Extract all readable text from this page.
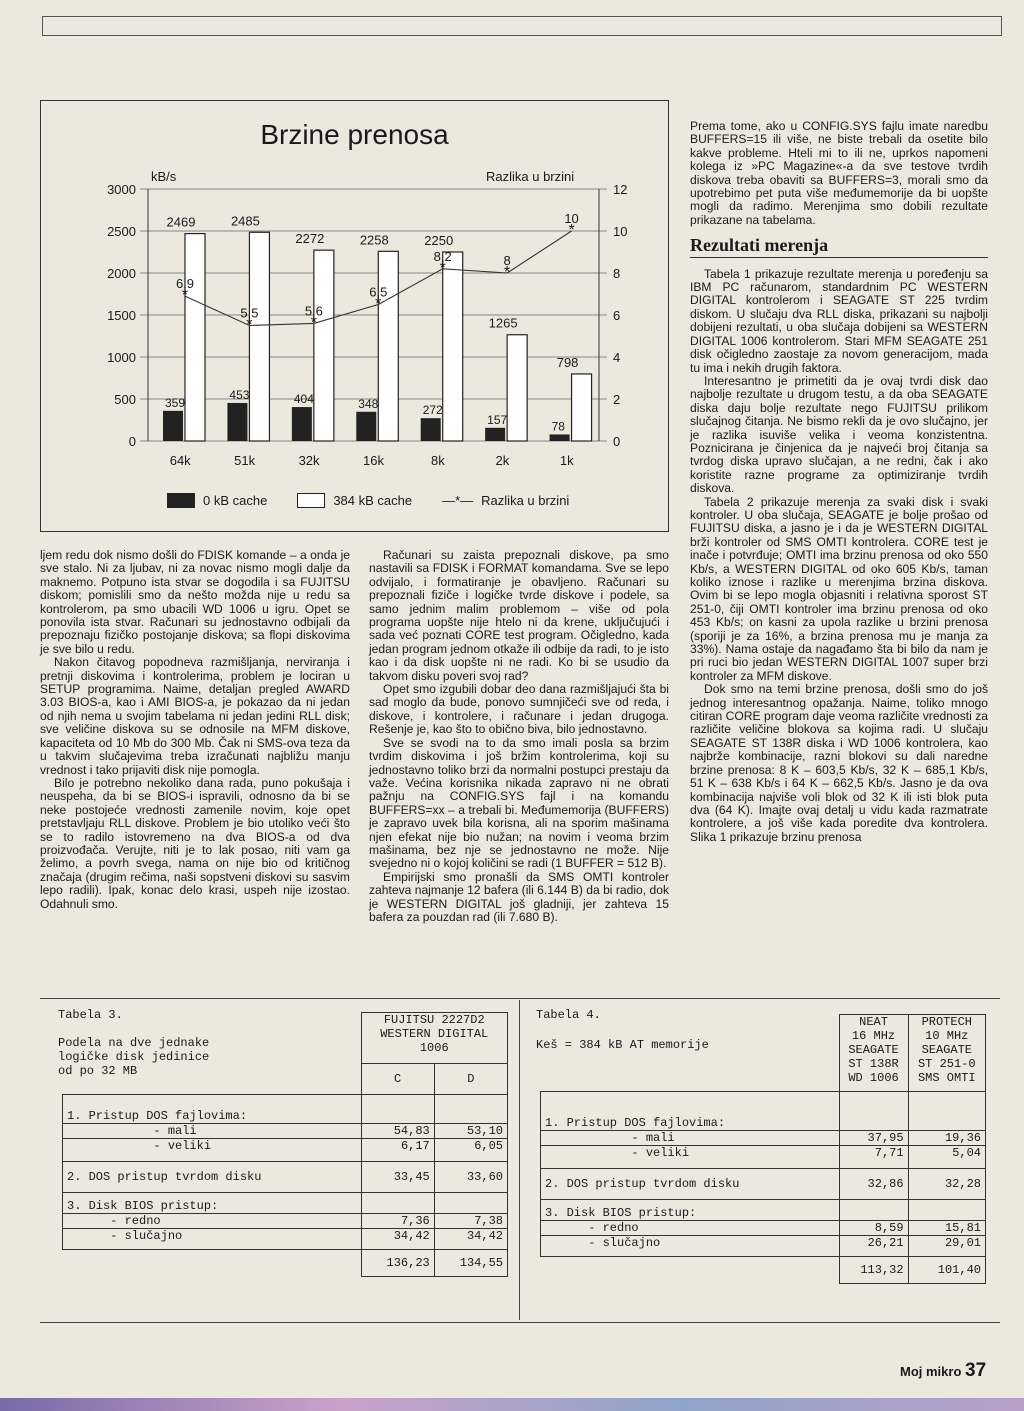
Brzine prenosa
kB/s	Razlika u brzini
0
500
1000
1500
2000
2500
3000
0
2
4
6
8
10
12
359
2469
64k
453
2485
51k
404
2272
32k
348
2258
16k
272
2250
8k
157
1265
2k
78
798
1k
*
6,9
*
5,5
*
5,6	*
6,5
*
8,2
*
8
*
10
0 kB cache	384 kB cache —*— Razlika u brzini

ljem redu dok nismo došli do FDISK komande – a onda je sve stalo. Ni za ljubav, ni za novac nismo mogli dalje da maknemo. Potpuno ista stvar se dogodila i sa FUJITSU diskom; pomislili smo da nešto možda nije u redu sa kontrolerom, pa smo ubacili WD 1006 u igru. Opet se ponovila ista stvar. Računari su jednostavno odbijali da prepoznaju fizičko postojanje diskova; sa flopi diskovima je sve bilo u redu.

Nakon čitavog popodneva razmišljanja, nerviranja i pretnji diskovima i kontrolerima, problem je lociran u SETUP programima. Naime, detaljan pregled AWARD 3.03 BIOS-a, kao i AMI BIOS-a, je pokazao da ni jedan od njih nema u svojim tabelama ni jedan jedini RLL disk; sve veličine diskova su se odnosile na MFM diskove, kapaciteta od 10 Mb do 300 Mb. Čak ni SMS-ova teza da u takvim slučajevima treba izračunati najbližu manju vrednost i tako prijaviti disk nije pomogla.

Bilo je potrebno nekoliko dana rada, puno pokušaja i neuspeha, da bi se BIOS-i ispravili, odnosno da bi se neke postojeće vrednosti zamenile novim, koje opet pretstavljaju RLL diskove. Problem je bio utoliko veći što se to radilo istovremeno na dva BIOS-a od dva proizvođača. Verujte, niti je to lak posao, niti vam ga želimo, a povrh svega, nama on nije bio od kritičnog značaja (drugim rečima, naši sopstveni diskovi su sasvim lepo radili). Ipak, konac delo krasi, uspeh nije izostao. Odahnuli smo.

Računari su zaista prepoznali diskove, pa smo nastavili sa FDISK i FORMAT komandama. Sve se lepo odvijalo, i formatiranje je obavljeno. Računari su prepoznali fiziče i logičke tvrde diskove i podele, sa samo jednim malim problemom – više od pola programa uopšte nije htelo ni da krene, uključujući i sada već poznati CORE test program. Očigledno, kada jedan program jednom otkaže ili odbije da radi, to je isto kao i da disk uopšte ni ne radi. Ko bi se usudio da takvom disku poveri svoj rad?

Opet smo izgubili dobar deo dana razmišljajući šta bi sad moglo da bude, ponovo sumnjičeći sve od reda, i diskove, i kontrolere, i računare i jedan drugoga. Rešenje je, kao što to obično biva, bilo jednostavno.

Sve se svodi na to da smo imali posla sa brzim tvrdim diskovima i još bržim kontrolerima, koji su jednostavno toliko brzi da normalni postupci prestaju da važe. Većina korisnika nikada zapravo ni ne obrati pažnju na CONFIG.SYS fajl i na komandu BUFFERS=xx – a trebali bi. Međumemorija (BUFFERS) je zapravo uvek bila korisna, ali na sporim mašinama njen efekat nije bio nužan; na novim i veoma brzim mašinama, bez nje se jednostavno ne može. Nije svejedno ni o kojoj količini se radi (1 BUFFER = 512 B).

Empirijski smo pronašli da SMS OMTI kontroler zahteva najmanje 12 bafera (ili 6.144 B) da bi radio, dok je WESTERN DIGITAL još gladniji, jer zahteva 15 bafera za pouzdan rad (ili 7.680 B).

Prema tome, ako u CONFIG.SYS fajlu imate naredbu BUFFERS=15 ili više, ne biste trebali da osetite bilo kakve probleme. Hteli mi to ili ne, uprkos napomeni kolega iz »PC Magazine«-a da sve testove tvrdih diskova treba obaviti sa BUFFERS=3, morali smo da upotrebimo pet puta više međumemorije da bi uopšte mogli da radimo. Merenjima smo dobili rezultate prikazane na tabelama.

Rezultati merenja

Tabela 1 prikazuje rezultate merenja u poređenju sa IBM PC računarom, standardnim PC WESTERN DIGITAL kontrolerom i SEAGATE ST 225 tvrdim diskom. U slučaju dva RLL diska, prikazani su najbolji dobijeni rezultati, u oba slučaja dobijeni sa WESTERN DIGITAL 1006 kontrolerom. Stari MFM SEAGATE 251 disk očigledno zaostaje za novom generacijom, mada tu ima i nekih drugih faktora.

Interesantno je primetiti da je ovaj tvrdi disk dao najbolje rezultate u drugom testu, a da oba SEAGATE diska daju bolje rezultate nego FUJITSU prilikom slučajnog čitanja. Ne bismo rekli da je ovo slučajno, jer je razlika isuviše velika i veoma konzistentna. Poznicirana je činjenica da je najveći broj čitanja sa tvrdog diska upravo slučajan, a ne redni, čak i ako koristite razne programe za optimiziranje tvrdih diskova.

Tabela 2 prikazuje merenja za svaki disk i svaki kontroler. U oba slučaja, SEAGATE je bolje prošao od FUJITSU diska, a jasno je i da je WESTERN DIGITAL brži kontroler od SMS OMTI kontrolera. CORE test je inače i potvrđuje; OMTI ima brzinu prenosa od oko 550 Kb/s, a WESTERN DIGITAL od oko 605 Kb/s, taman koliko iznose i razlike u merenjima brzina diskova. Ovim bi se lepo mogla objasniti i relativna sporost ST 251-0, čiji OMTI kontroler ima brzinu prenosa od oko 453 Kb/s; on kasni za upola razlike u brzini prenosa (sporiji je za 16%, a brzina prenosa mu je manja za 33%). Nama ostaje da nagađamo šta bi bilo da nam je pri ruci bio jedan WESTERN DIGITAL 1007 super brzi kontroler za MFM diskove.

Dok smo na temi brzine prenosa, došli smo do još jednog interesantnog opažanja. Naime, toliko mnogo citiran CORE program daje veoma različite vrednosti za različite veličine blokova sa kojima radi. U slučaju SEAGATE ST 138R diska i WD 1006 kontrolera, kao najbrže kombinacije, razni blokovi su dali naredne brzine prenosa: 8 K – 603,5 Kb/s, 32 K – 685,1 Kb/s, 51 K – 638 Kb/s i 64 K – 662,5 Kb/s. Jasno je da ova kombinacija najviše voli blok od 32 K ili isti blok puta dva (64 K). Imajte ovaj detalj u vidu kada razmatrate kontrolere, a još više kada poredite dva kontrolera. Slika 1 prikazuje brzinu prenosa

Tabela 3.
Podela na dve jednake
logičke disk jedinice
od po 32 MB
	FUJITSU 2227D2
WESTERN DIGITAL
1006	
	C	D
1. Pristup DOS fajlovima:		
- mali	54,83	53,10
- veliki	6,17	6,05
2. DOS pristup tvrdom disku	33,45	33,60
3. Disk BIOS pristup:		
- redno	7,36	7,38
- slučajno	34,42	34,42
	136,23	134,55
Tabela 4.
Keš = 384 kB AT memorije
	NEAT
16 MHz
SEAGATE
ST 138R
WD 1006	PROTECH
10 MHz
SEAGATE
ST 251-0
SMS OMTI
1. Pristup DOS fajlovima:		
- mali	37,95	19,36
- veliki	7,71	5,04
2. DOS pristup tvrdom disku	32,86	32,28
3. Disk BIOS pristup:		
- redno	8,59	15,81
- slučajno	26,21	29,01
	113,32	101,40
Moj mikro 37
